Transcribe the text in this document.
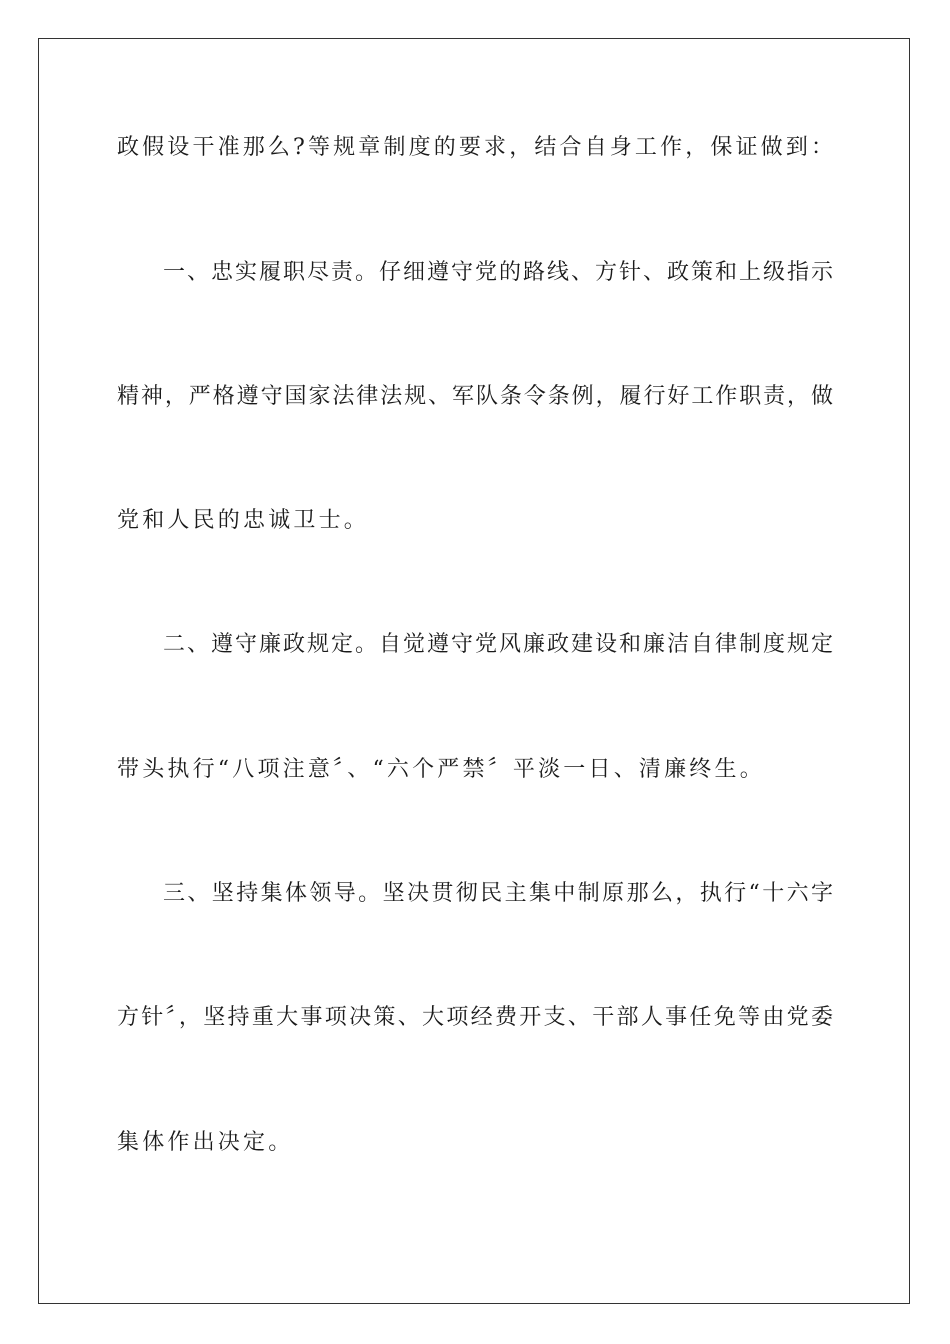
政假设干准那么?等规章制度的要求，结合自身工作，保证做到：

一、忠实履职尽责。仔细遵守党的路线、方针、政策和上级指示

精神，严格遵守国家法律法规、军队条令条例，履行好工作职责，做

党和人民的忠诚卫士。

二、遵守廉政规定。自觉遵守党风廉政建设和廉洁自律制度规定

带头执行“八项注意〞、“六个严禁〞平淡一日、清廉终生。

三、坚持集体领导。坚决贯彻民主集中制原那么，执行“十六字

方针〞，坚持重大事项决策、大项经费开支、干部人事任免等由党委

集体作出决定。
